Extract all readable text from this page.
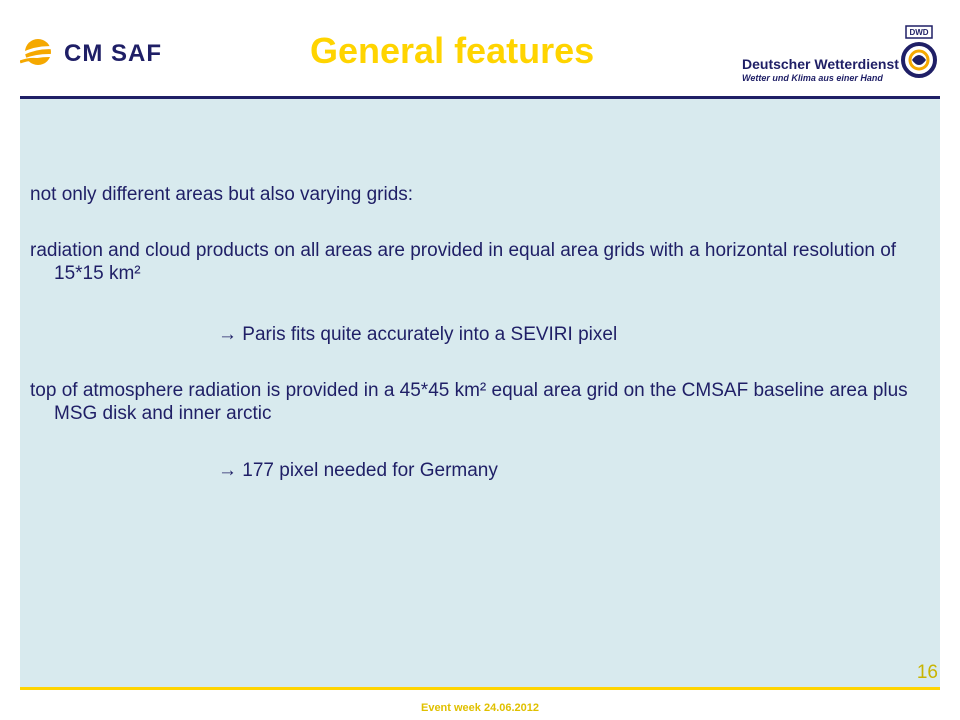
CM SAF	General features	Deutscher Wetterdienst
Wetter und Klima aus einer Hand
DWD
not only different areas but also varying grids:
radiation and cloud products on all areas are provided in equal area grids with a horizontal resolution of 15*15 km²
→ Paris fits quite accurately into a SEVIRI pixel
top of atmosphere radiation is provided in a 45*45 km² equal area grid on the CMSAF baseline area plus MSG disk and inner arctic
→ 177 pixel needed for Germany
16
Event week 24.06.2012
